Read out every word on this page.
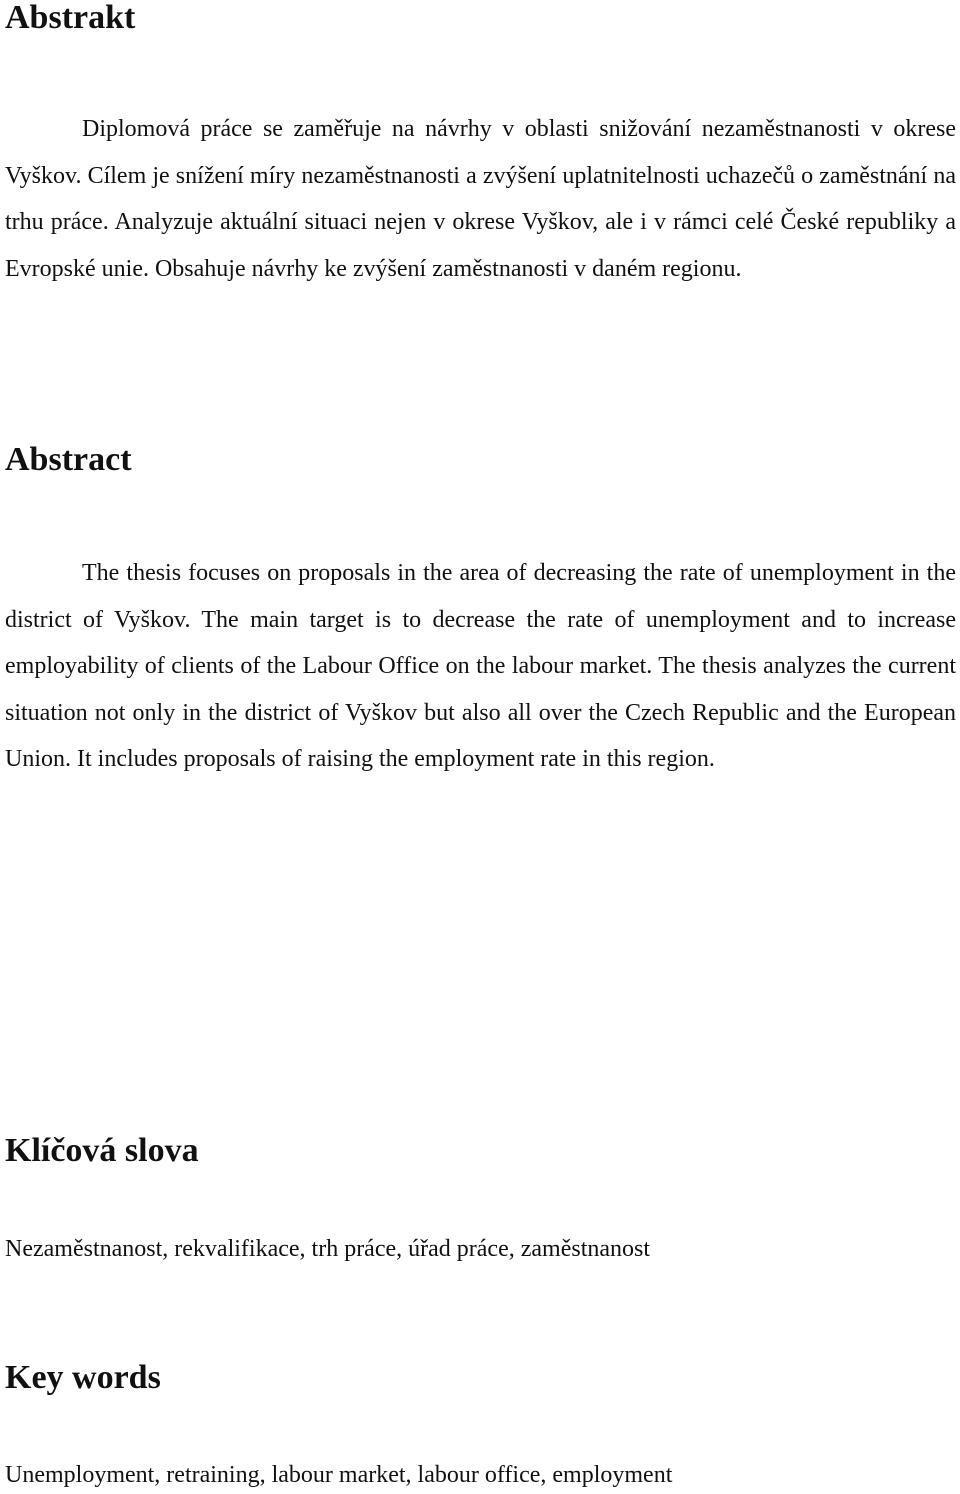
Abstrakt

Diplomová práce se zaměřuje na návrhy v oblasti snižování nezaměstnanosti v okrese Vyškov. Cílem je snížení míry nezaměstnanosti a zvýšení uplatnitelnosti uchazečů o zaměstnání na trhu práce. Analyzuje aktuální situaci nejen v okrese Vyškov, ale i v rámci celé České republiky a Evropské unie. Obsahuje návrhy ke zvýšení zaměstnanosti v daném regionu.

Abstract

The thesis focuses on proposals in the area of decreasing the rate of unemployment in the district of Vyškov. The main target is to decrease the rate of unemployment and to increase employability of clients of the Labour Office on the labour market. The thesis analyzes the current situation not only in the district of Vyškov but also all over the Czech Republic and the European Union. It includes proposals of raising the employment rate in this region.

Klíčová slova

Nezaměstnanost, rekvalifikace, trh práce, úřad práce, zaměstnanost

Key words

Unemployment, retraining, labour market, labour office, employment
